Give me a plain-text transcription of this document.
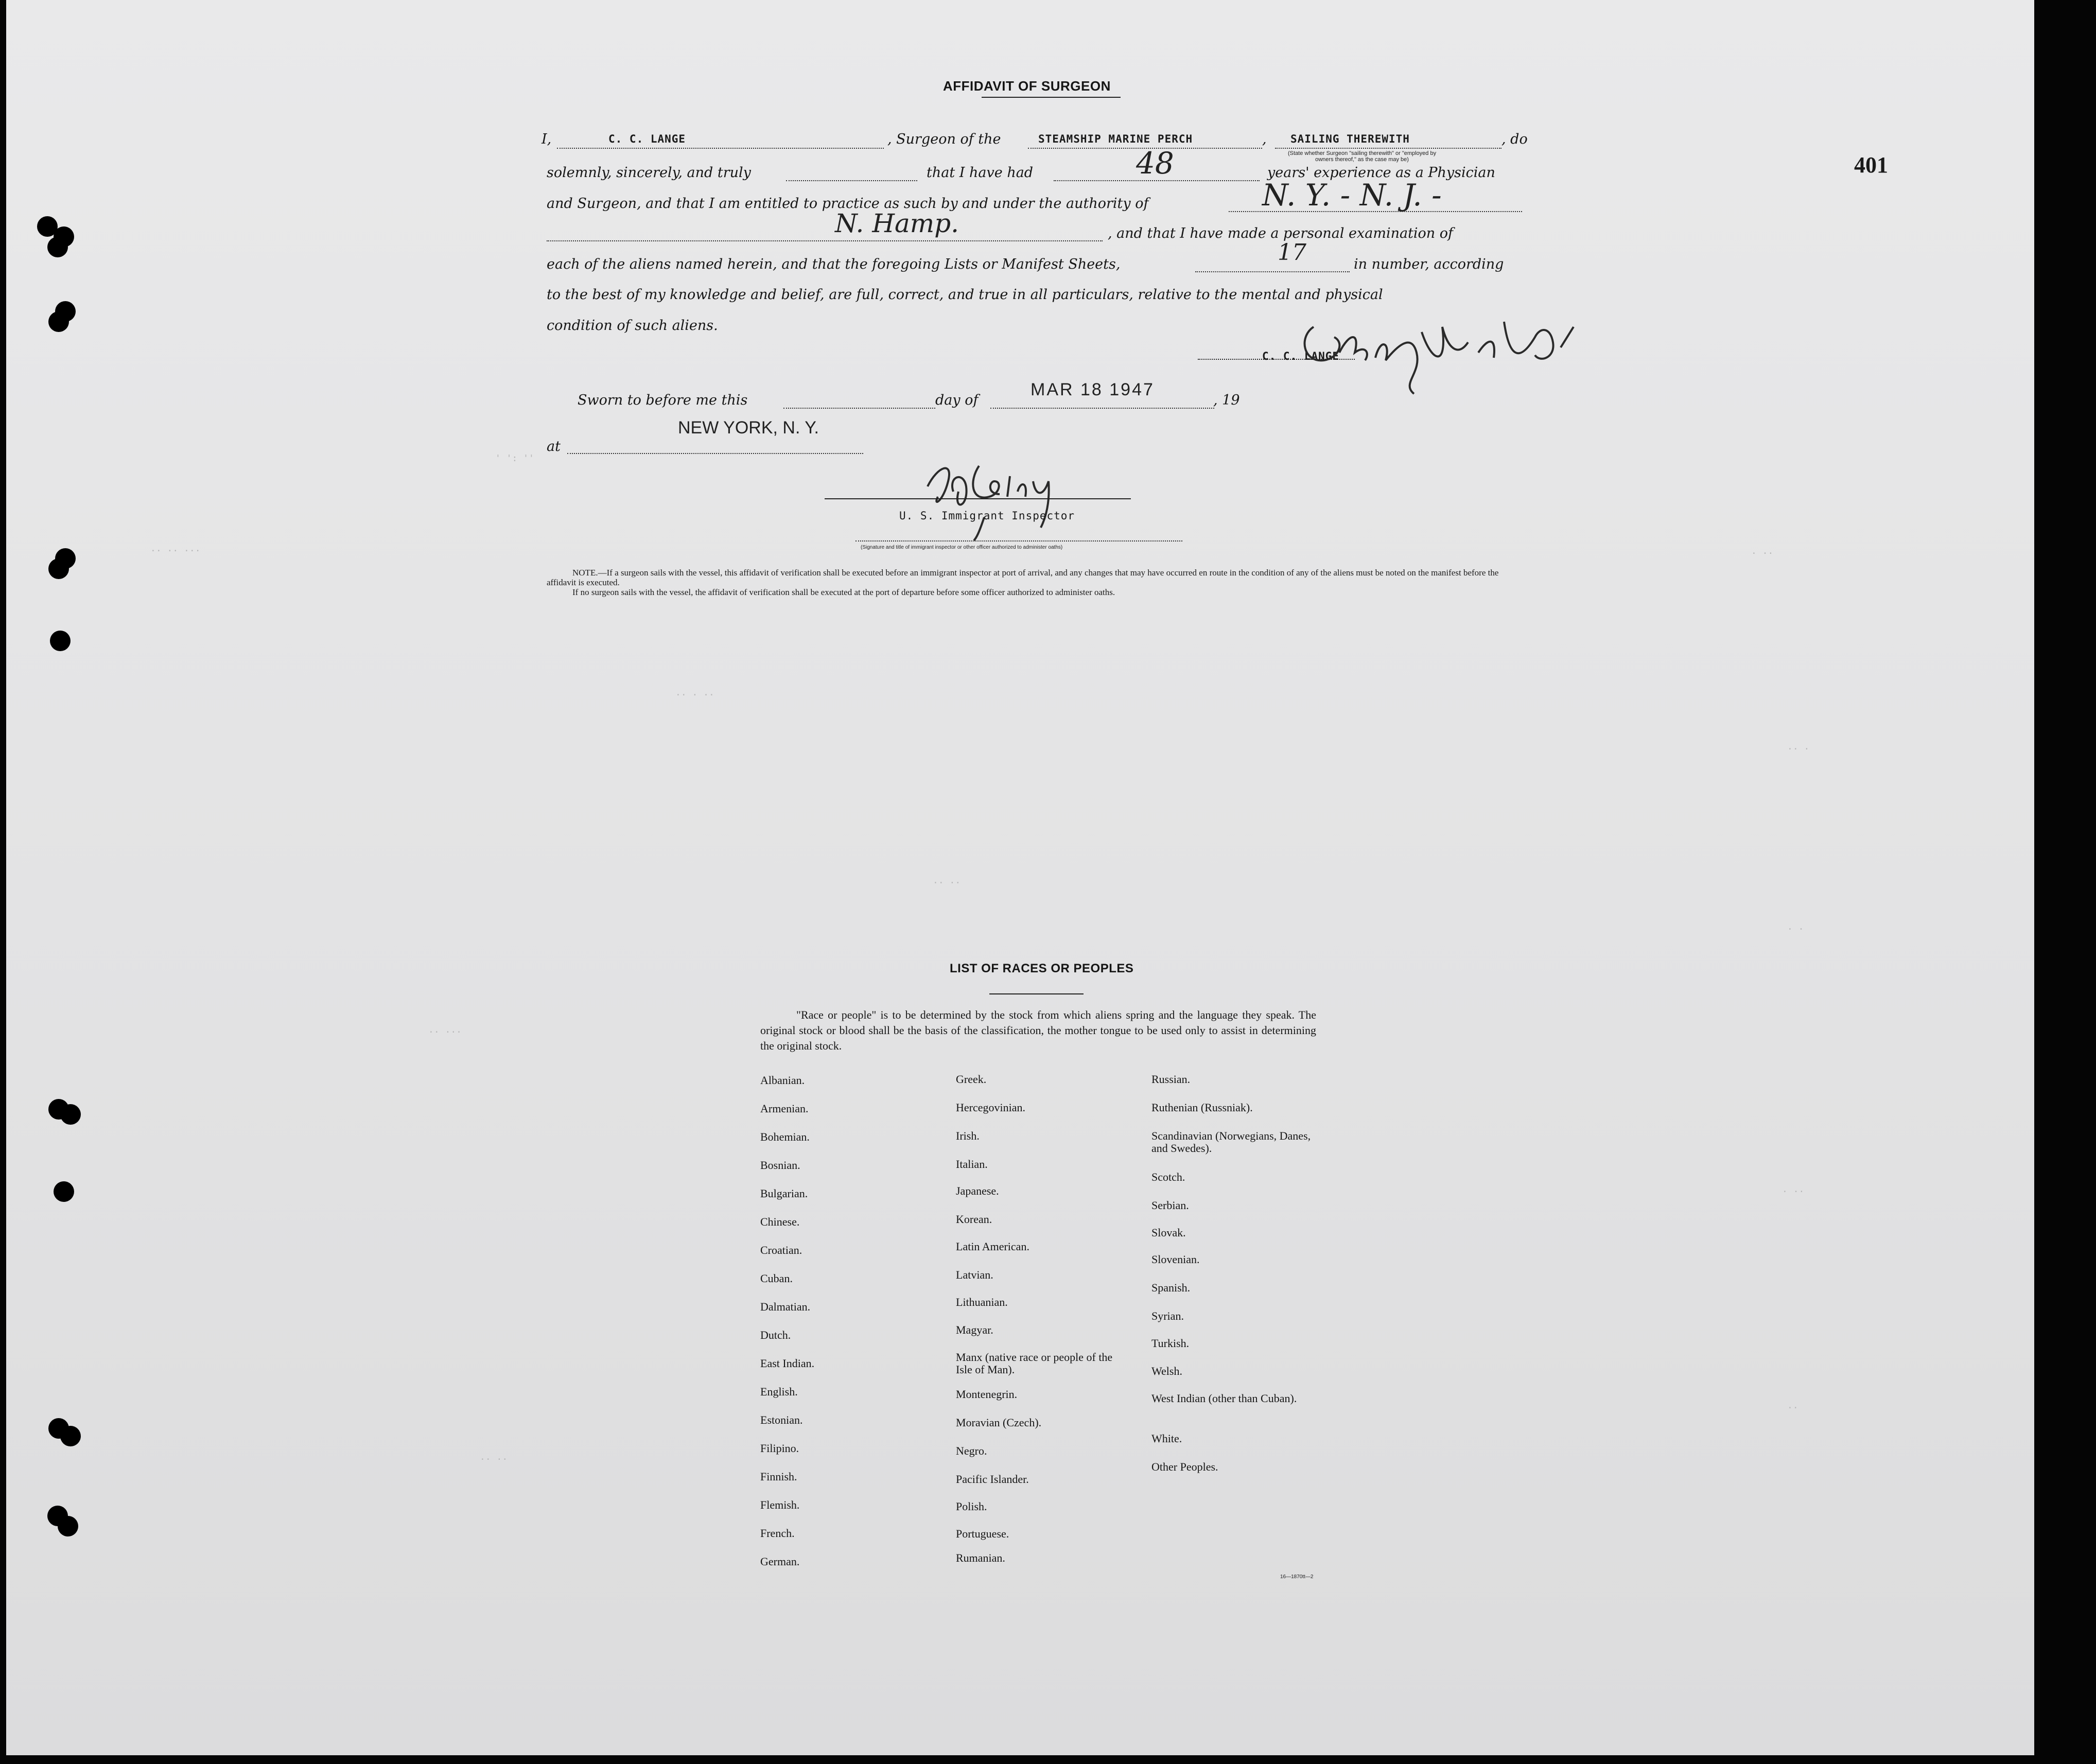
' ': ''
.. .. ...	. ..
.. . ..
.. .
.. ..
. .
.. ...
. ..
.. ..
..
401
AFFIDAVIT OF SURGEON
I,	C. C. LANGE	, Surgeon of the	STEAMSHIP MARINE PERCH	, SAILING THEREWITH	, do
(State whether Surgeon "sailing therewith" or "employed by
owners thereof," as the case may be)
solemnly, sincerely, and truly	that I have had	48	years' experience as a Physician
and Surgeon, and that I am entitled to practice as such by and under the authority of	N. Y. - N. J. -
N. Hamp.	, and that I have made a personal examination of
each of the aliens named herein, and that the foregoing Lists or Manifest Sheets,	17	in number, according
to the best of my knowledge and belief, are full, correct, and true in all particulars, relative to the mental and physical
condition of such aliens.
C. C. LANGE
Sworn to before me this	day of
MAR 18 1947
, 19
at
NEW YORK, N. Y.
U. S. Immigrant Inspector
(Signature and title of immigrant inspector or other officer authorized to administer oaths)
NOTE.—If a surgeon sails with the vessel, this affidavit of verification shall be executed before an immigrant inspector at port of arrival, and any changes that may have occurred en route in the condition of any of the aliens must be noted on the manifest before the affidavit is executed.
If no surgeon sails with the vessel, the affidavit of verification shall be executed at the port of departure before some officer authorized to administer oaths.
LIST OF RACES OR PEOPLES
"Race or people" is to be determined by the stock from which aliens spring and the language they speak. The original stock or blood shall be the basis of the classification, the mother tongue to be used only to assist in determining the original stock.
Albanian.
Armenian.
Bohemian.
Bosnian.
Bulgarian.
Chinese.
Croatian.
Cuban.
Dalmatian.
Dutch.
East Indian.
English.
Estonian.
Filipino.
Finnish.
Flemish.
French.
German.
Greek.
Hercegovinian.
Irish.
Italian.
Japanese.
Korean.
Latin American.
Latvian.
Lithuanian.
Magyar.
Manx (native race or people of the Isle of Man).
Montenegrin.
Moravian (Czech).
Negro.
Pacific Islander.
Polish.
Portuguese.
Rumanian.
Russian.
Ruthenian (Russniak).
Scandinavian (Norwegians, Danes, and Swedes).
Scotch.
Serbian.
Slovak.
Slovenian.
Spanish.
Syrian.
Turkish.
Welsh.
West Indian (other than Cuban).
White.
Other Peoples.
16—1870tt—2
